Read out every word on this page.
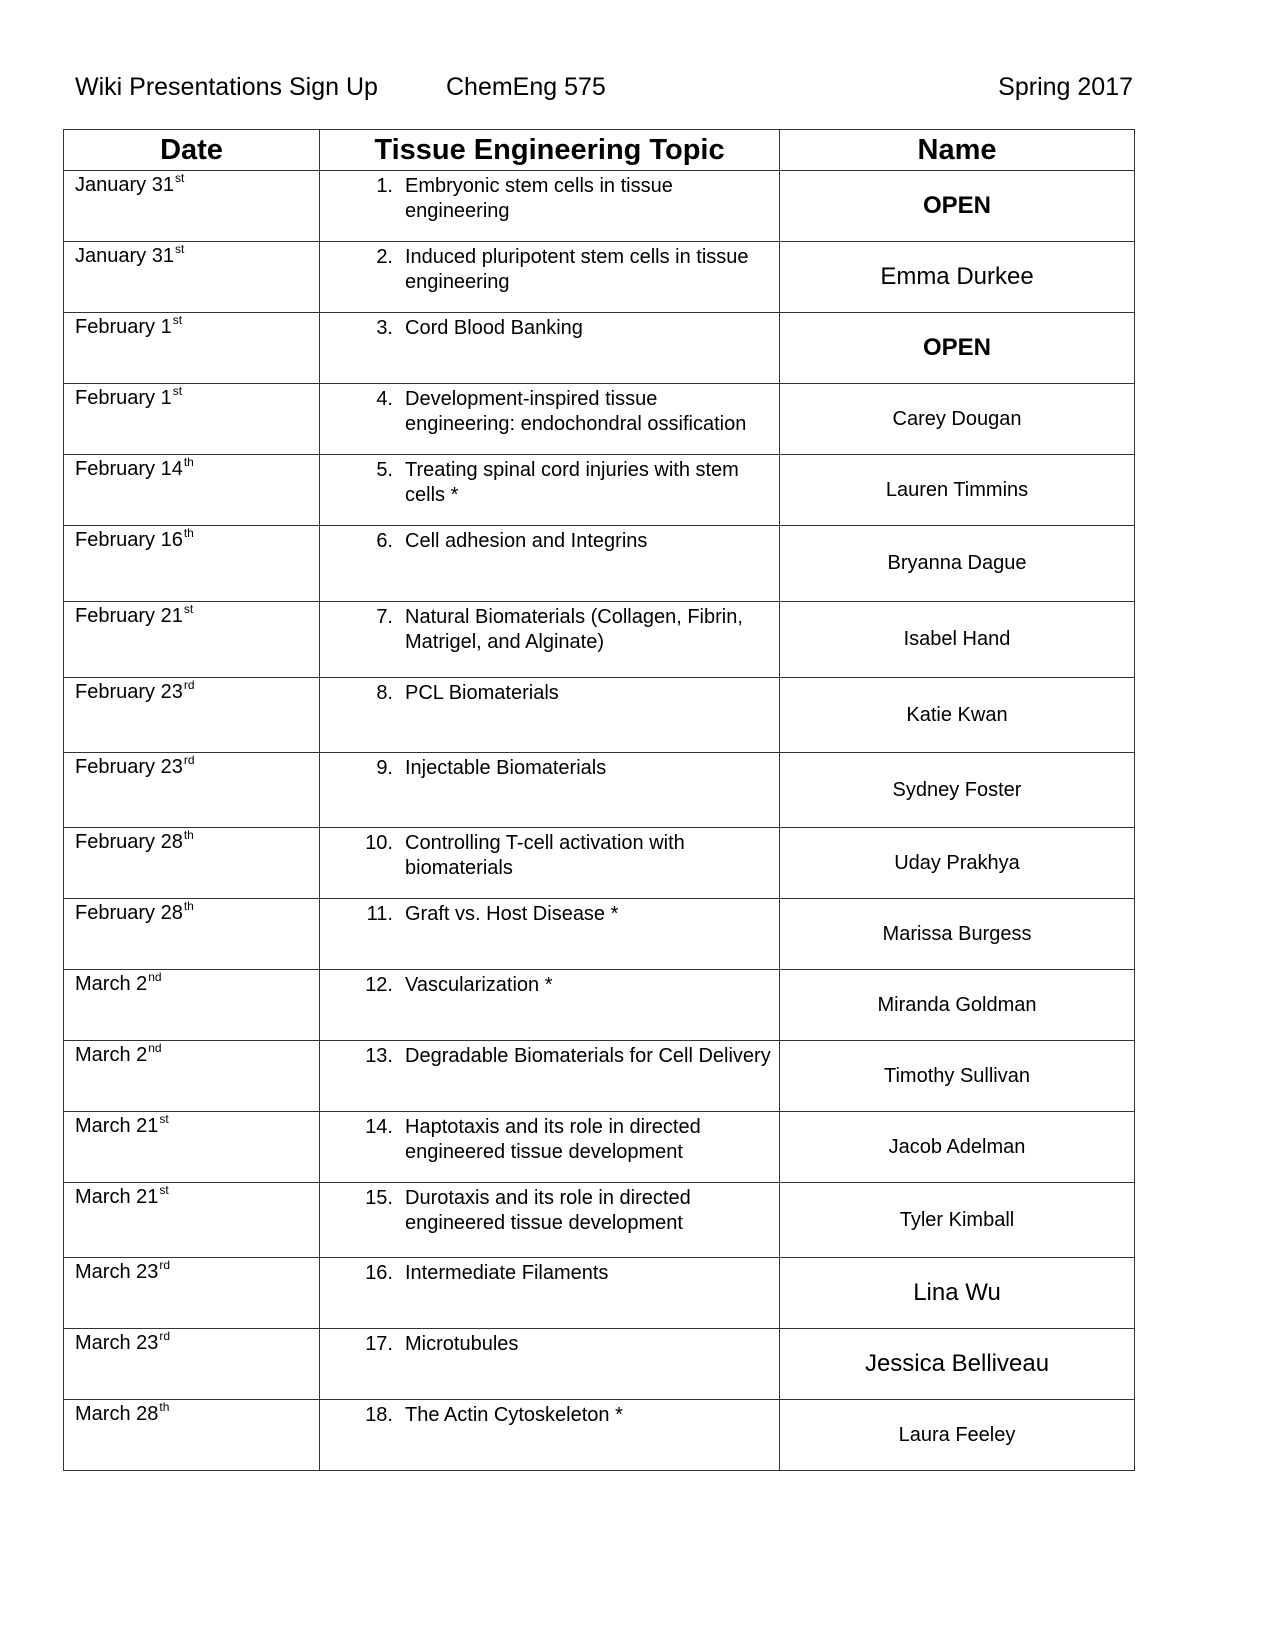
Wiki Presentations Sign Up	ChemEng 575	Spring 2017
Date	Tissue Engineering Topic	Name
January 31st	1. Embryonic stem cells in tissue engineering	OPEN
January 31st	2. Induced pluripotent stem cells in tissue engineering	Emma Durkee
February 1st	3. Cord Blood Banking	OPEN
February 1st	4. Development-inspired tissue engineering: endochondral ossification	Carey Dougan
February 14th	5. Treating spinal cord injuries with stem cells *	Lauren Timmins
February 16th	6. Cell adhesion and Integrins	Bryanna Dague
February 21st	7. Natural Biomaterials (Collagen, Fibrin, Matrigel, and Alginate)	Isabel Hand
February 23rd	8. PCL Biomaterials	Katie Kwan
February 23rd	9. Injectable Biomaterials	Sydney Foster
February 28th	10. Controlling T-cell activation with biomaterials	Uday Prakhya
February 28th	11. Graft vs. Host Disease *	Marissa Burgess
March 2nd	12. Vascularization *	Miranda Goldman
March 2nd	13. Degradable Biomaterials for Cell Delivery	Timothy Sullivan
March 21st	14. Haptotaxis and its role in directed engineered tissue development	Jacob Adelman
March 21st	15. Durotaxis and its role in directed engineered tissue development	Tyler Kimball
March 23rd	16. Intermediate Filaments	Lina Wu
March 23rd	17. Microtubules	Jessica Belliveau
March 28th	18. The Actin Cytoskeleton *	Laura Feeley
